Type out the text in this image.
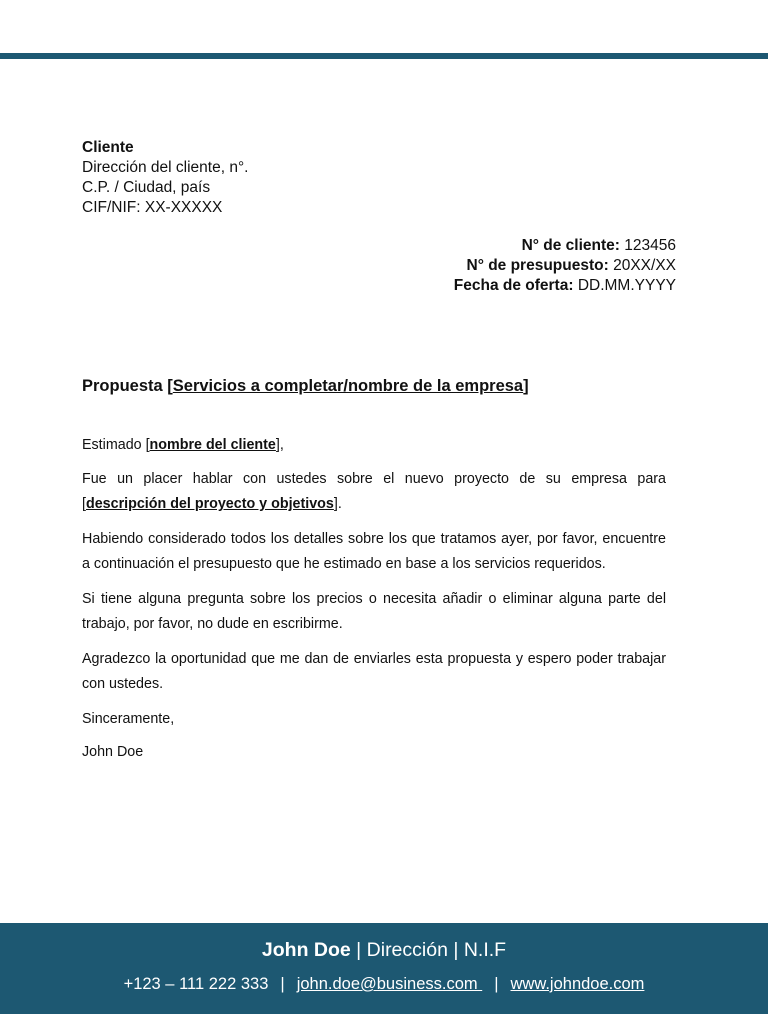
Cliente
Dirección del cliente, n°.
C.P. / Ciudad, país
CIF/NIF: XX-XXXXX
N° de cliente: 123456
N° de presupuesto: 20XX/XX
Fecha de oferta: DD.MM.YYYY
Propuesta [Servicios a completar/nombre de la empresa]

Estimado [nombre del cliente],

Fue un placer hablar con ustedes sobre el nuevo proyecto de su empresa para [descripción del proyecto y objetivos].

Habiendo considerado todos los detalles sobre los que tratamos ayer, por favor, encuentre a continuación el presupuesto que he estimado en base a los servicios requeridos.

Si tiene alguna pregunta sobre los precios o necesita añadir o eliminar alguna parte del trabajo, por favor, no dude en escribirme.

Agradezco la oportunidad que me dan de enviarles esta propuesta y espero poder trabajar con ustedes.

Sinceramente,

John Doe

John Doe | Dirección | N.I.F
+123 – 111 222 333 | john.doe@business.com | www.johndoe.com
